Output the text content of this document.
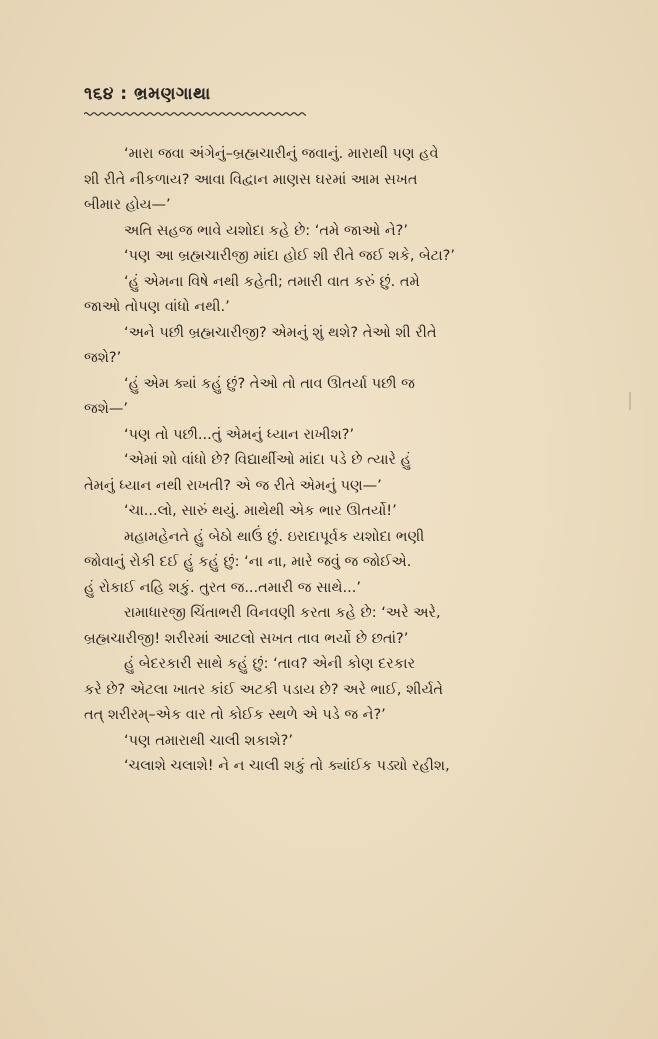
૧૬૪ : ભ્રમણગાથા
‘મારા જવા અંગેનું–બ્રહ્મચારીનું જવાનું. મારાથી પણ હવે
શી રીતે નીકળાય? આવા વિદ્વાન માણસ ઘરમાં આમ સખત
બીમાર હોય—’
અતિ સહજ ભાવે યશોદા કહે છે: ‘તમે જાઓ ને?’
‘પણ આ બ્રહ્મચારીજી માંદા હોઈ શી રીતે જઈ શકે, બેટા?’
‘હું એમના વિષે નથી કહેતી; તમારી વાત કરું છું. તમે
જાઓ તોપણ વાંધો નથી.’
‘અને પછી બ્રહ્મચારીજી? એમનું શું થશે? તેઓ શી રીતે
જશે?’
‘હું એમ ક્યાં કહું છું? તેઓ તો તાવ ઊતર્યા પછી જ
જશે—’
‘પણ તો પછી...તું એમનું ધ્યાન રાખીશ?’
‘એમાં શો વાંધો છે? વિદ્યાર્થીઓ માંદા પડે છે ત્યારે હું
તેમનું ધ્યાન નથી રાખતી? એ જ રીતે એમનું પણ—’
‘ચા...લો, સારું થયું. માથેથી એક ભાર ઊતર્યો!’
મહામહેનતે હું બેઠો થાઉં છું. ઇરાદાપૂર્વક યશોદા ભણી
જોવાનું રોકી દઈ હું કહું છું: ‘ના ના, મારે જવું જ જોઈએ.
હું રોકાઈ નહિ શકું. તુરત જ...તમારી જ સાથે...’
રામાધારજી ચિંતાભરી વિનવણી કરતા કહે છે: ‘અરે અરે,
બ્રહ્મચારીજી! શરીરમાં આટલો સખત તાવ ભર્યો છે છતાં?’
હું બેદરકારી સાથે કહું છું: ‘તાવ? એની કોણ દરકાર
કરે છે? એટલા ખાતર કાંઈ અટકી પડાય છે? અરે ભાઈ, શીર્યતે
તત્ શરીરમ્–એક વાર તો કોઈક સ્થળે એ પડે જ ને?’
‘પણ તમારાથી ચાલી શકાશે?’
‘ચલાશે ચલાશે! ને ન ચાલી શકું તો ક્યાંઈક પડ્યો રહીશ,
